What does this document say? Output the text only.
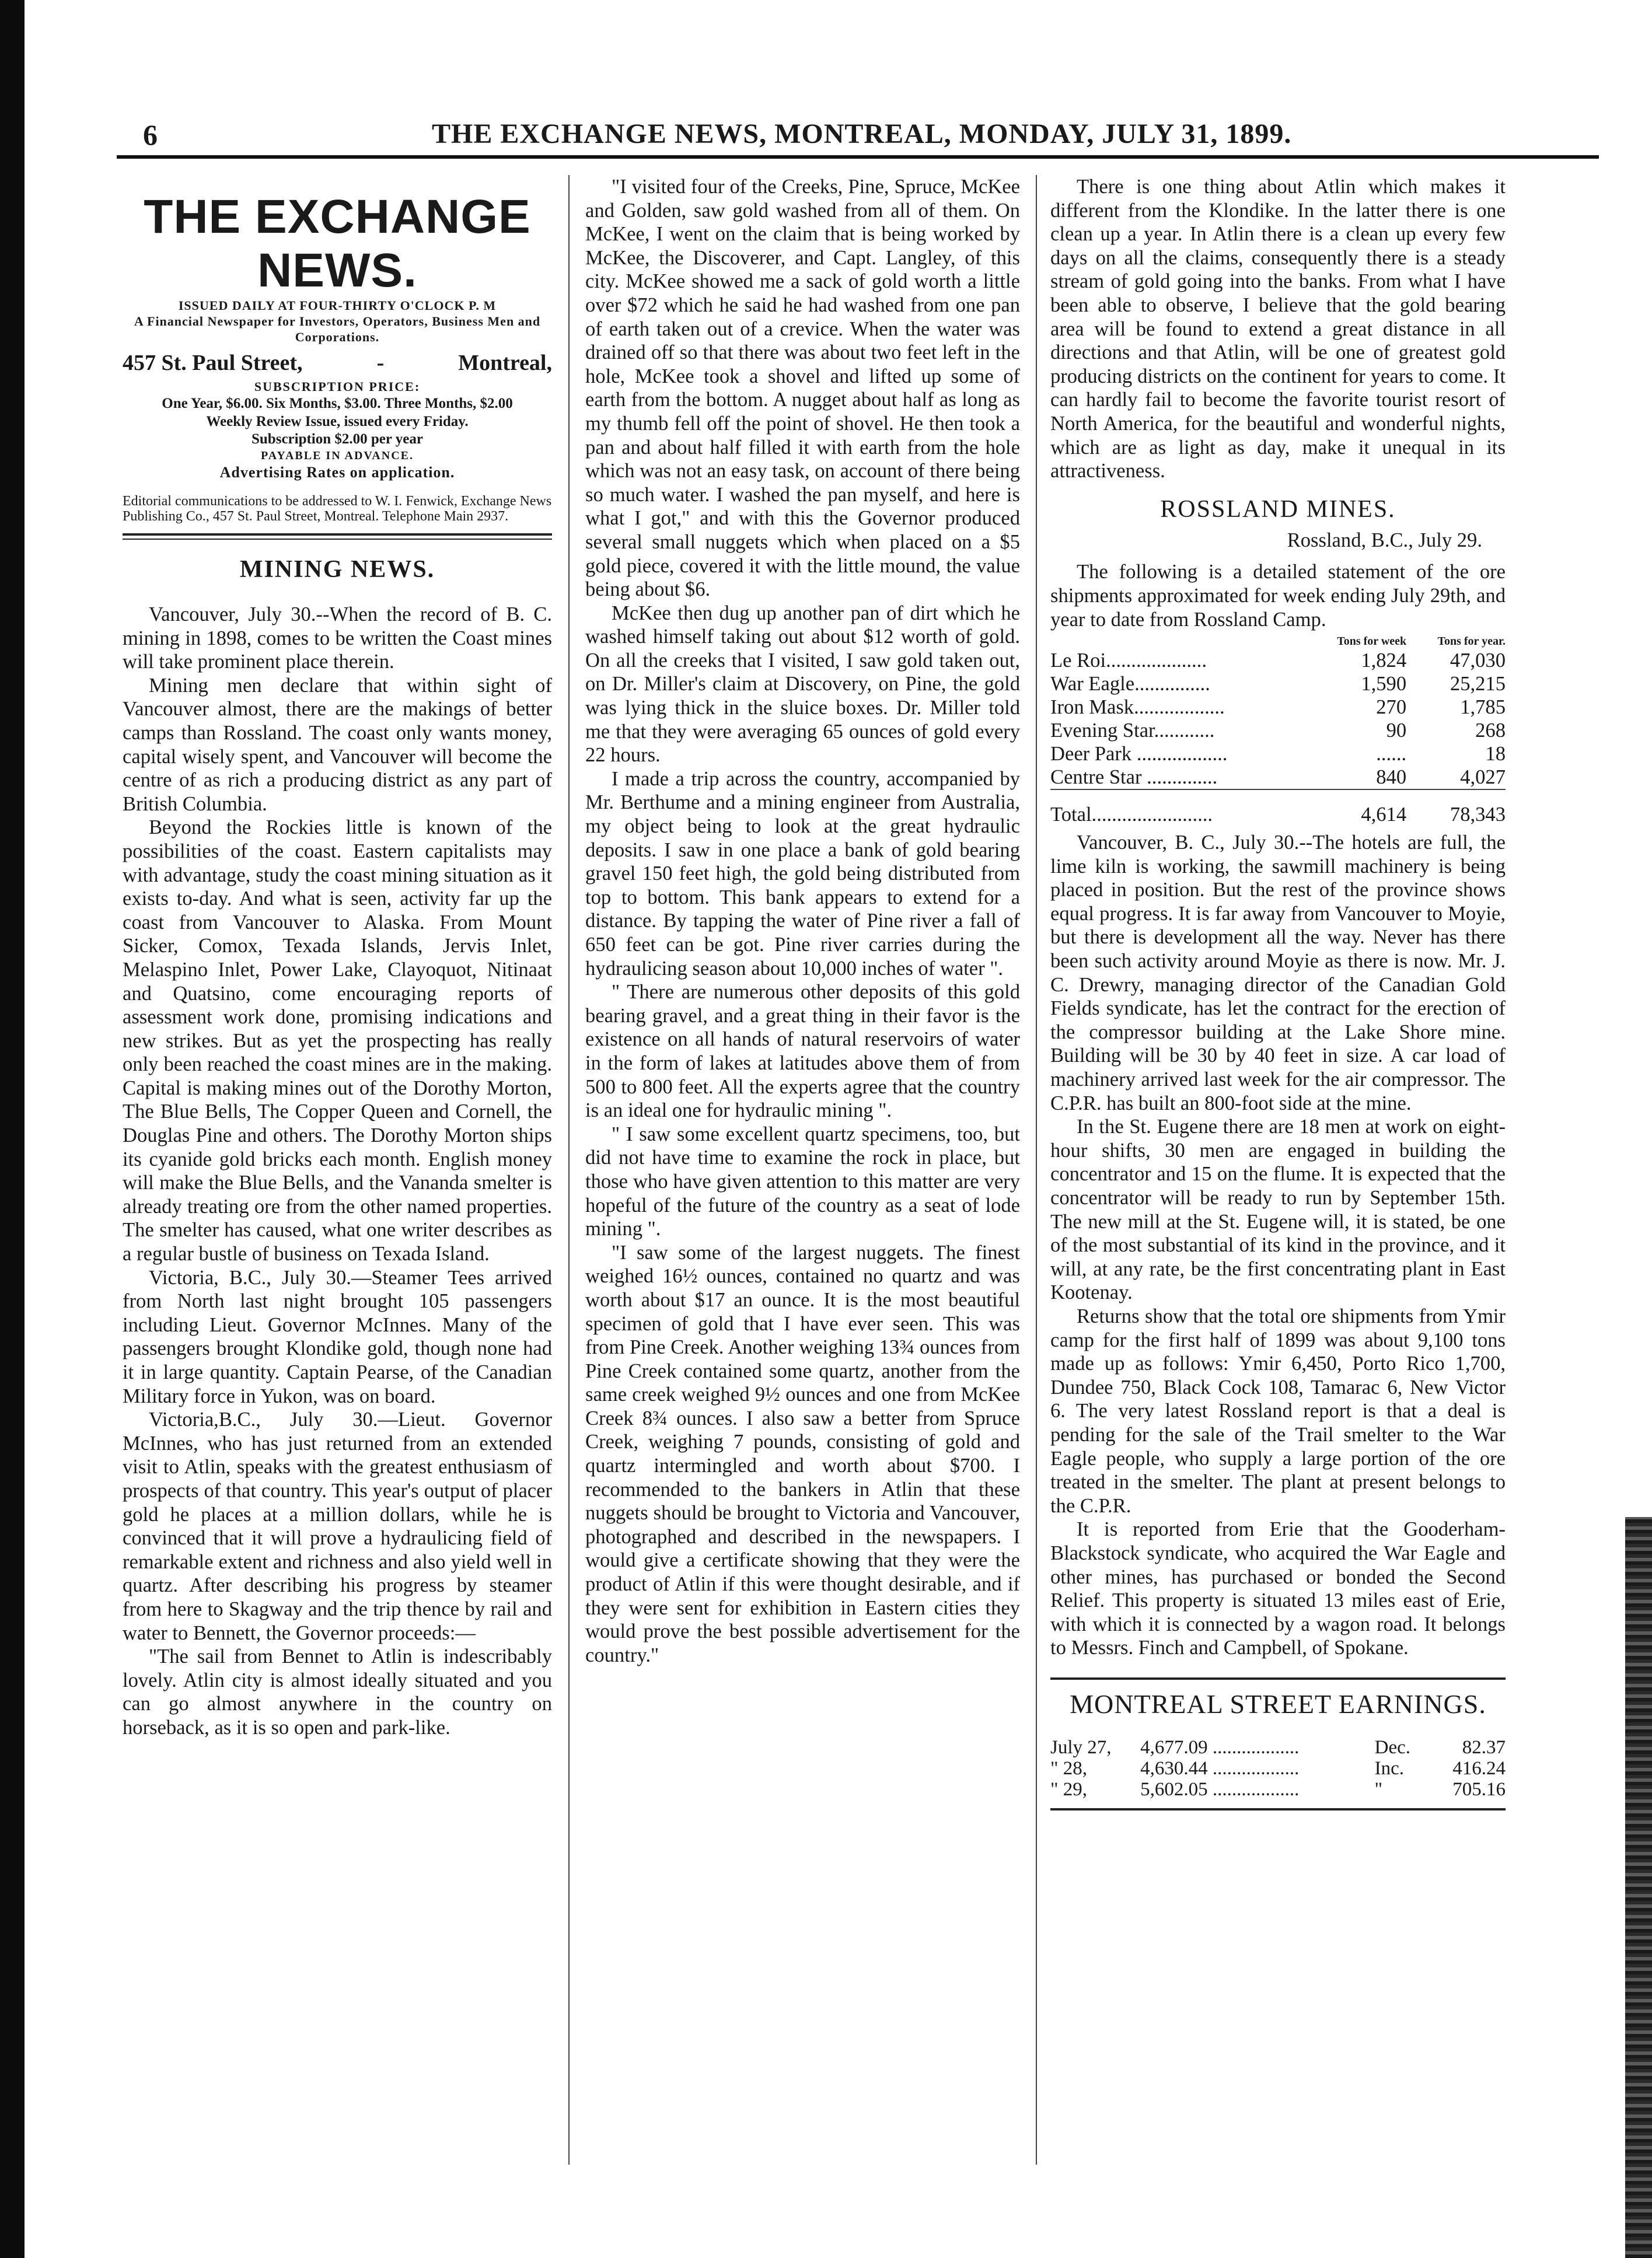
6	THE EXCHANGE NEWS, MONTREAL, MONDAY, JULY 31, 1899.
THE EXCHANGE NEWS.
ISSUED DAILY AT FOUR-THIRTY O'CLOCK P. M
A Financial Newspaper for Investors, Operators, Business Men and Corporations.
457 St. Paul Street,	-	Montreal,
SUBSCRIPTION PRICE:
One Year, $6.00. Six Months, $3.00. Three Months, $2.00
Weekly Review Issue, issued every Friday.
Subscription $2.00 per year
PAYABLE IN ADVANCE.
Advertising Rates on application.
Editorial communications to be addressed to W. I. Fenwick, Exchange News Publishing Co., 457 St. Paul Street, Montreal. Telephone Main 2937.
MINING NEWS.

Vancouver, July 30.--When the record of B. C. mining in 1898, comes to be written the Coast mines will take prominent place therein.

Mining men declare that within sight of Vancouver almost, there are the makings of better camps than Rossland. The coast only wants money, capital wisely spent, and Vancouver will become the centre of as rich a producing district as any part of British Columbia.

Beyond the Rockies little is known of the possibilities of the coast. Eastern capitalists may with advantage, study the coast mining situation as it exists to-day. And what is seen, activity far up the coast from Vancouver to Alaska. From Mount Sicker, Comox, Texada Islands, Jervis Inlet, Melaspino Inlet, Power Lake, Clayoquot, Nitinaat and Quatsino, come encouraging reports of assessment work done, promising indications and new strikes. But as yet the prospecting has really only been reached the coast mines are in the making. Capital is making mines out of the Dorothy Morton, The Blue Bells, The Copper Queen and Cornell, the Douglas Pine and others. The Dorothy Morton ships its cyanide gold bricks each month. English money will make the Blue Bells, and the Vananda smelter is already treating ore from the other named properties. The smelter has caused, what one writer describes as a regular bustle of business on Texada Island.

Victoria, B.C., July 30.—Steamer Tees arrived from North last night brought 105 passengers including Lieut. Governor McInnes. Many of the passengers brought Klondike gold, though none had it in large quantity. Captain Pearse, of the Canadian Military force in Yukon, was on board.

Victoria,B.C., July 30.—Lieut. Governor McInnes, who has just returned from an extended visit to Atlin, speaks with the greatest enthusiasm of prospects of that country. This year's output of placer gold he places at a million dollars, while he is convinced that it will prove a hydraulicing field of remarkable extent and richness and also yield well in quartz. After describing his progress by steamer from here to Skagway and the trip thence by rail and water to Bennett, the Governor proceeds:—

"The sail from Bennet to Atlin is indescribably lovely. Atlin city is almost ideally situated and you can go almost anywhere in the country on horseback, as it is so open and park-like.

"I visited four of the Creeks, Pine, Spruce, McKee and Golden, saw gold washed from all of them. On McKee, I went on the claim that is being worked by McKee, the Discoverer, and Capt. Langley, of this city. McKee showed me a sack of gold worth a little over $72 which he said he had washed from one pan of earth taken out of a crevice. When the water was drained off so that there was about two feet left in the hole, McKee took a shovel and lifted up some of earth from the bottom. A nugget about half as long as my thumb fell off the point of shovel. He then took a pan and about half filled it with earth from the hole which was not an easy task, on account of there being so much water. I washed the pan myself, and here is what I got," and with this the Governor produced several small nuggets which when placed on a $5 gold piece, covered it with the little mound, the value being about $6.

McKee then dug up another pan of dirt which he washed himself taking out about $12 worth of gold. On all the creeks that I visited, I saw gold taken out, on Dr. Miller's claim at Discovery, on Pine, the gold was lying thick in the sluice boxes. Dr. Miller told me that they were averaging 65 ounces of gold every 22 hours.

I made a trip across the country, accompanied by Mr. Berthume and a mining engineer from Australia, my object being to look at the great hydraulic deposits. I saw in one place a bank of gold bearing gravel 150 feet high, the gold being distributed from top to bottom. This bank appears to extend for a distance. By tapping the water of Pine river a fall of 650 feet can be got. Pine river carries during the hydraulicing season about 10,000 inches of water ".

" There are numerous other deposits of this gold bearing gravel, and a great thing in their favor is the existence on all hands of natural reservoirs of water in the form of lakes at latitudes above them of from 500 to 800 feet. All the experts agree that the country is an ideal one for hydraulic mining ".

" I saw some excellent quartz specimens, too, but did not have time to examine the rock in place, but those who have given attention to this matter are very hopeful of the future of the country as a seat of lode mining ".

"I saw some of the largest nuggets. The finest weighed 16½ ounces, contained no quartz and was worth about $17 an ounce. It is the most beautiful specimen of gold that I have ever seen. This was from Pine Creek. Another weighing 13¾ ounces from Pine Creek contained some quartz, another from the same creek weighed 9½ ounces and one from McKee Creek 8¾ ounces. I also saw a better from Spruce Creek, weighing 7 pounds, consisting of gold and quartz intermingled and worth about $700. I recommended to the bankers in Atlin that these nuggets should be brought to Victoria and Vancouver, photographed and described in the newspapers. I would give a certificate showing that they were the product of Atlin if this were thought desirable, and if they were sent for exhibition in Eastern cities they would prove the best possible advertisement for the country."

There is one thing about Atlin which makes it different from the Klondike. In the latter there is one clean up a year. In Atlin there is a clean up every few days on all the claims, consequently there is a steady stream of gold going into the banks. From what I have been able to observe, I believe that the gold bearing area will be found to extend a great distance in all directions and that Atlin, will be one of greatest gold producing districts on the continent for years to come. It can hardly fail to become the favorite tourist resort of North America, for the beautiful and wonderful nights, which are as light as day, make it unequal in its attractiveness.

ROSSLAND MINES.
Rossland, B.C., July 29.

The following is a detailed statement of the ore shipments approximated for week ending July 29th, and year to date from Rossland Camp.

	Tons for week	Tons for year.
Le Roi....................	1,824	47,030
War Eagle...............	1,590	25,215
Iron Mask..................	270	1,785
Evening Star............	90	268
Deer Park ..................	......	18
Centre Star ..............	840	4,027
Total........................	4,614	78,343

Vancouver, B. C., July 30.--The hotels are full, the lime kiln is working, the sawmill machinery is being placed in position. But the rest of the province shows equal progress. It is far away from Vancouver to Moyie, but there is development all the way. Never has there been such activity around Moyie as there is now. Mr. J. C. Drewry, managing director of the Canadian Gold Fields syndicate, has let the contract for the erection of the compressor building at the Lake Shore mine. Building will be 30 by 40 feet in size. A car load of machinery arrived last week for the air compressor. The C.P.R. has built an 800-foot side at the mine.

In the St. Eugene there are 18 men at work on eight-hour shifts, 30 men are engaged in building the concentrator and 15 on the flume. It is expected that the concentrator will be ready to run by September 15th. The new mill at the St. Eugene will, it is stated, be one of the most substantial of its kind in the province, and it will, at any rate, be the first concentrating plant in East Kootenay.

Returns show that the total ore shipments from Ymir camp for the first half of 1899 was about 9,100 tons made up as follows: Ymir 6,450, Porto Rico 1,700, Dundee 750, Black Cock 108, Tamarac 6, New Victor 6. The very latest Rossland report is that a deal is pending for the sale of the Trail smelter to the War Eagle people, who supply a large portion of the ore treated in the smelter. The plant at present belongs to the C.P.R.

It is reported from Erie that the Gooderham-Blackstock syndicate, who acquired the War Eagle and other mines, has purchased or bonded the Second Relief. This property is situated 13 miles east of Erie, with which it is connected by a wagon road. It belongs to Messrs. Finch and Campbell, of Spokane.

MONTREAL STREET EARNINGS.
July 27,	4,677.09 ..................	Dec.	82.37
" 28,	4,630.44 ..................	Inc.	416.24
" 29,	5,602.05 ..................	"	705.16
